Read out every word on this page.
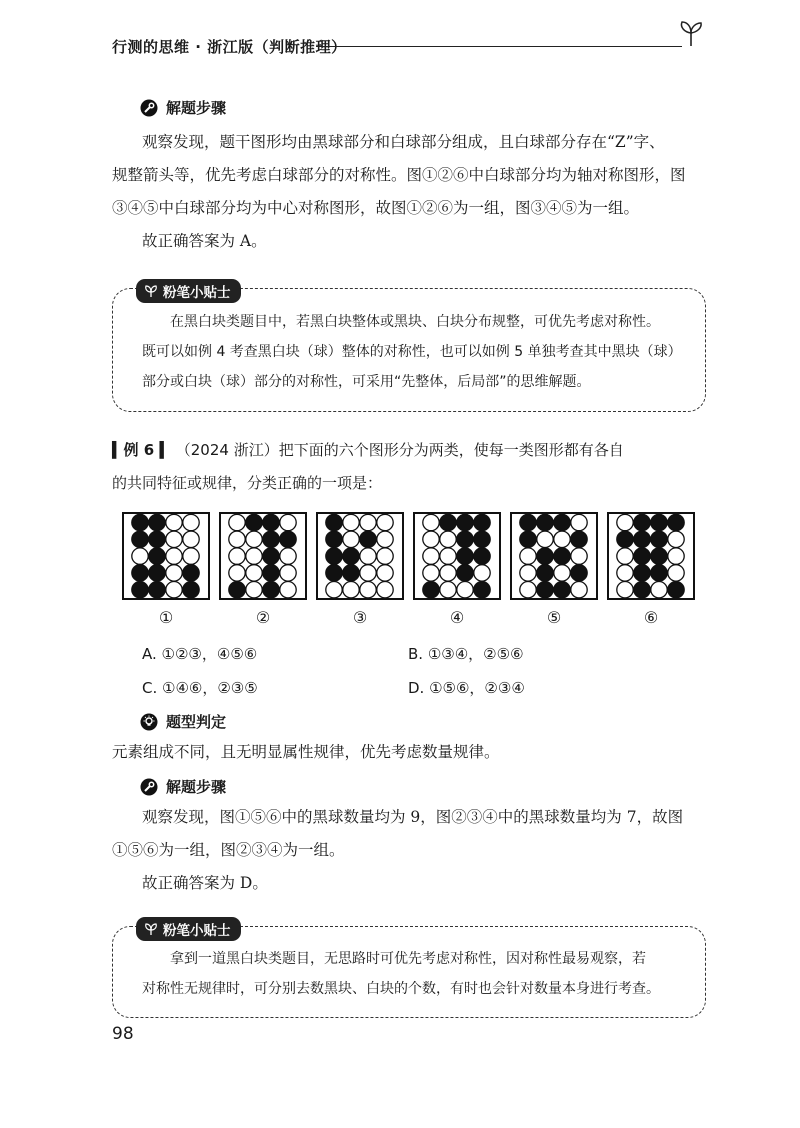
行测的思维 · 浙江版（判断推理）
解题步骤
观察发现，题干图形均由黑球部分和白球部分组成，且白球部分存在“Z”字、
规整箭头等，优先考虑白球部分的对称性。图①②⑥中白球部分均为轴对称图形，图
③④⑤中白球部分均为中心对称图形，故图①②⑥为一组，图③④⑤为一组。
故正确答案为 A。
粉笔小贴士
在黑白块类题目中，若黑白块整体或黑块、白块分布规整，可优先考虑对称性。
既可以如例 4 考查黑白块（球）整体的对称性，也可以如例 5 单独考查其中黑块（球）
部分或白块（球）部分的对称性，可采用“先整体，后局部”的思维解题。
▍例 6 ▍ （2024 浙江）把下面的六个图形分为两类，使每一类图形都有各自
的共同特征或规律，分类正确的一项是：
①	②	③	④	⑤	⑥
A. ①②③，④⑤⑥	B. ①③④，②⑤⑥
C. ①④⑥，②③⑤	D. ①⑤⑥，②③④
题型判定
元素组成不同，且无明显属性规律，优先考虑数量规律。
解题步骤
观察发现，图①⑤⑥中的黑球数量均为 9，图②③④中的黑球数量均为 7，故图
①⑤⑥为一组，图②③④为一组。
故正确答案为 D。
粉笔小贴士
拿到一道黑白块类题目，无思路时可优先考虑对称性，因对称性最易观察，若
对称性无规律时，可分别去数黑块、白块的个数，有时也会针对数量本身进行考查。
98
